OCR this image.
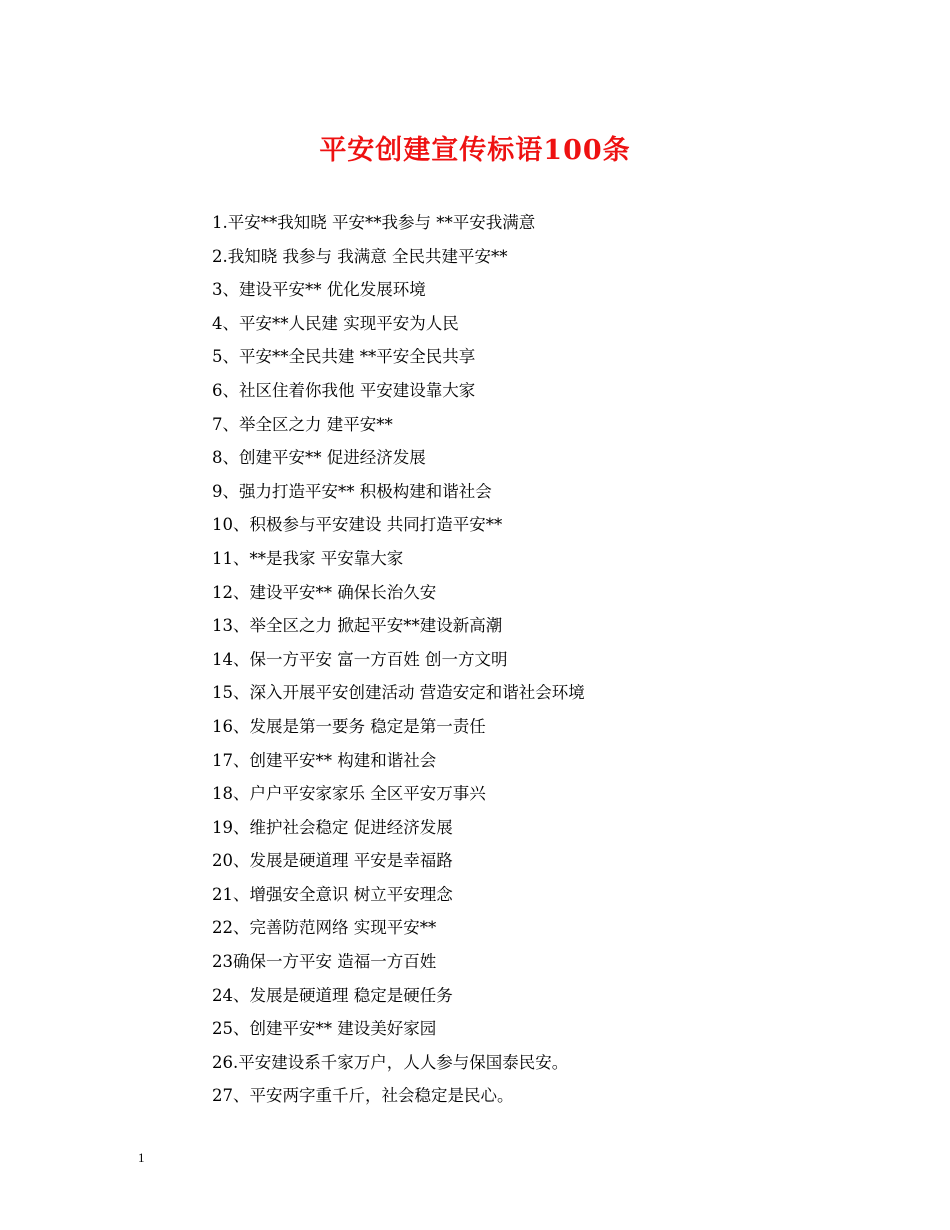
平安创建宣传标语100条
1.平安**我知晓 平安**我参与 **平安我满意
2.我知晓 我参与 我满意 全民共建平安**
3、建设平安** 优化发展环境
4、平安**人民建 实现平安为人民
5、平安**全民共建 **平安全民共享
6、社区住着你我他 平安建设靠大家
7、举全区之力 建平安**
8、创建平安** 促进经济发展
9、强力打造平安** 积极构建和谐社会
10、积极参与平安建设 共同打造平安**
11、**是我家 平安靠大家
12、建设平安** 确保长治久安
13、举全区之力 掀起平安**建设新高潮
14、保一方平安 富一方百姓 创一方文明
15、深入开展平安创建活动 营造安定和谐社会环境
16、发展是第一要务 稳定是第一责任
17、创建平安** 构建和谐社会
18、户户平安家家乐 全区平安万事兴
19、维护社会稳定 促进经济发展
20、发展是硬道理 平安是幸福路
21、增强安全意识 树立平安理念
22、完善防范网络 实现平安**
23确保一方平安 造福一方百姓
24、发展是硬道理 稳定是硬任务
25、创建平安** 建设美好家园
26.平安建设系千家万户，人人参与保国泰民安。
27、平安两字重千斤，社会稳定是民心。
1
